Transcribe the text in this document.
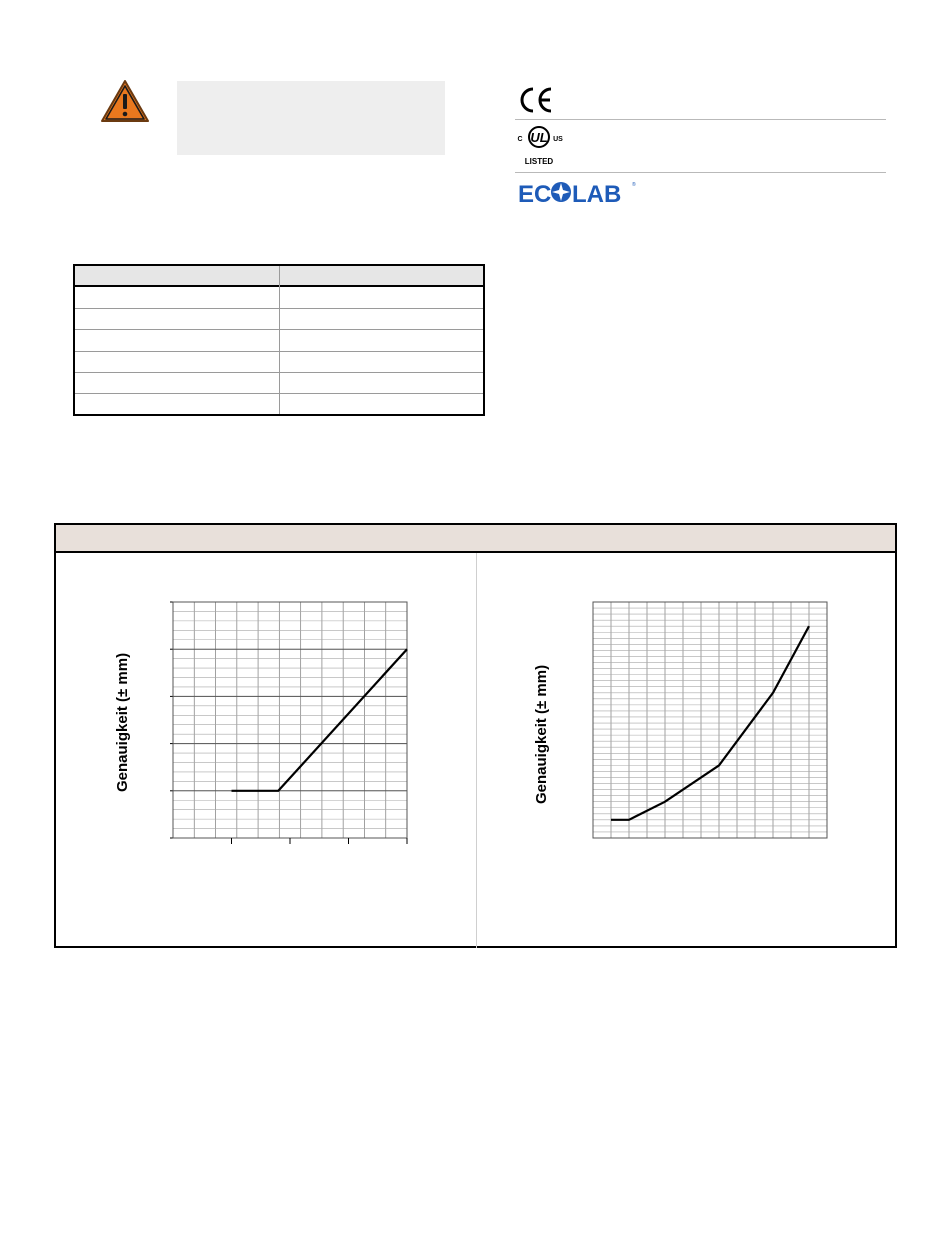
UL
C	US
LISTED
EC LAB ®
Genauigkeit (± mm)	Genauigkeit (± mm)
